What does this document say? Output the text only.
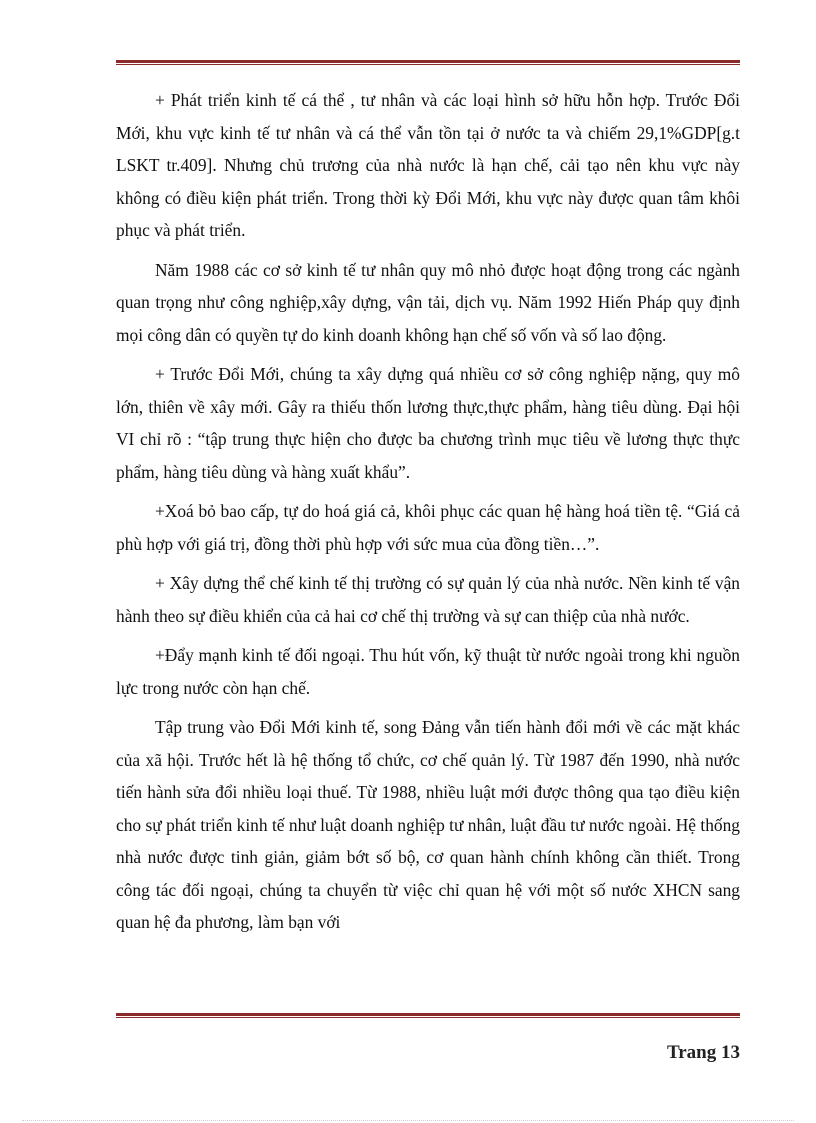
+ Phát triển kinh tế cá thể , tư nhân và các loại hình sở hữu hỗn hợp. Trước Đổi Mới, khu vực kinh tế tư nhân và cá thể vẫn tồn tại ở nước ta và chiếm 29,1%GDP[g.t LSKT tr.409]. Nhưng chủ trương của nhà nước là hạn chế, cải tạo nên khu vực này không có điều kiện phát triển. Trong thời kỳ Đổi Mới, khu vực này được quan tâm khôi phục và phát triển.

Năm 1988 các cơ sở kinh tế tư nhân quy mô nhỏ được hoạt động trong các ngành quan trọng như công nghiệp,xây dựng, vận tải, dịch vụ. Năm 1992 Hiến Pháp quy định mọi công dân có quyền tự do kinh doanh không hạn chế số vốn và số lao động.

+ Trước Đổi Mới, chúng ta xây dựng quá nhiều cơ sở công nghiệp nặng, quy mô lớn, thiên về xây mới. Gây ra thiếu thốn lương thực,thực phẩm, hàng tiêu dùng. Đại hội VI chỉ rõ : “tập trung thực hiện cho được ba chương trình mục tiêu về lương thực thực phẩm, hàng tiêu dùng và hàng xuất khẩu”.

+Xoá bỏ bao cấp, tự do hoá giá cả, khôi phục các quan hệ hàng hoá tiền tệ. “Giá cả phù hợp với giá trị, đồng thời phù hợp với sức mua của đồng tiền…”.

+ Xây dựng thể chế kinh tế thị trường có sự quản lý của nhà nước. Nền kinh tế vận hành theo sự điều khiển của cả hai cơ chế thị trường và sự can thiệp của nhà nước.

+Đẩy mạnh kinh tế đối ngoại. Thu hút vốn, kỹ thuật từ nước ngoài trong khi nguồn lực trong nước còn hạn chế.

Tập trung vào Đổi Mới kinh tế, song Đảng vẫn tiến hành đổi mới về các mặt khác của xã hội. Trước hết là hệ thống tổ chức, cơ chế quản lý. Từ 1987 đến 1990, nhà nước tiến hành sửa đổi nhiều loại thuế. Từ 1988, nhiều luật mới được thông qua tạo điều kiện cho sự phát triển kinh tế như luật doanh nghiệp tư nhân, luật đầu tư nước ngoài. Hệ thống nhà nước được tinh giản, giảm bớt số bộ, cơ quan hành chính không cần thiết. Trong công tác đối ngoại, chúng ta chuyển từ việc chỉ quan hệ với một số nước XHCN sang quan hệ đa phương, làm bạn với

Trang 13
